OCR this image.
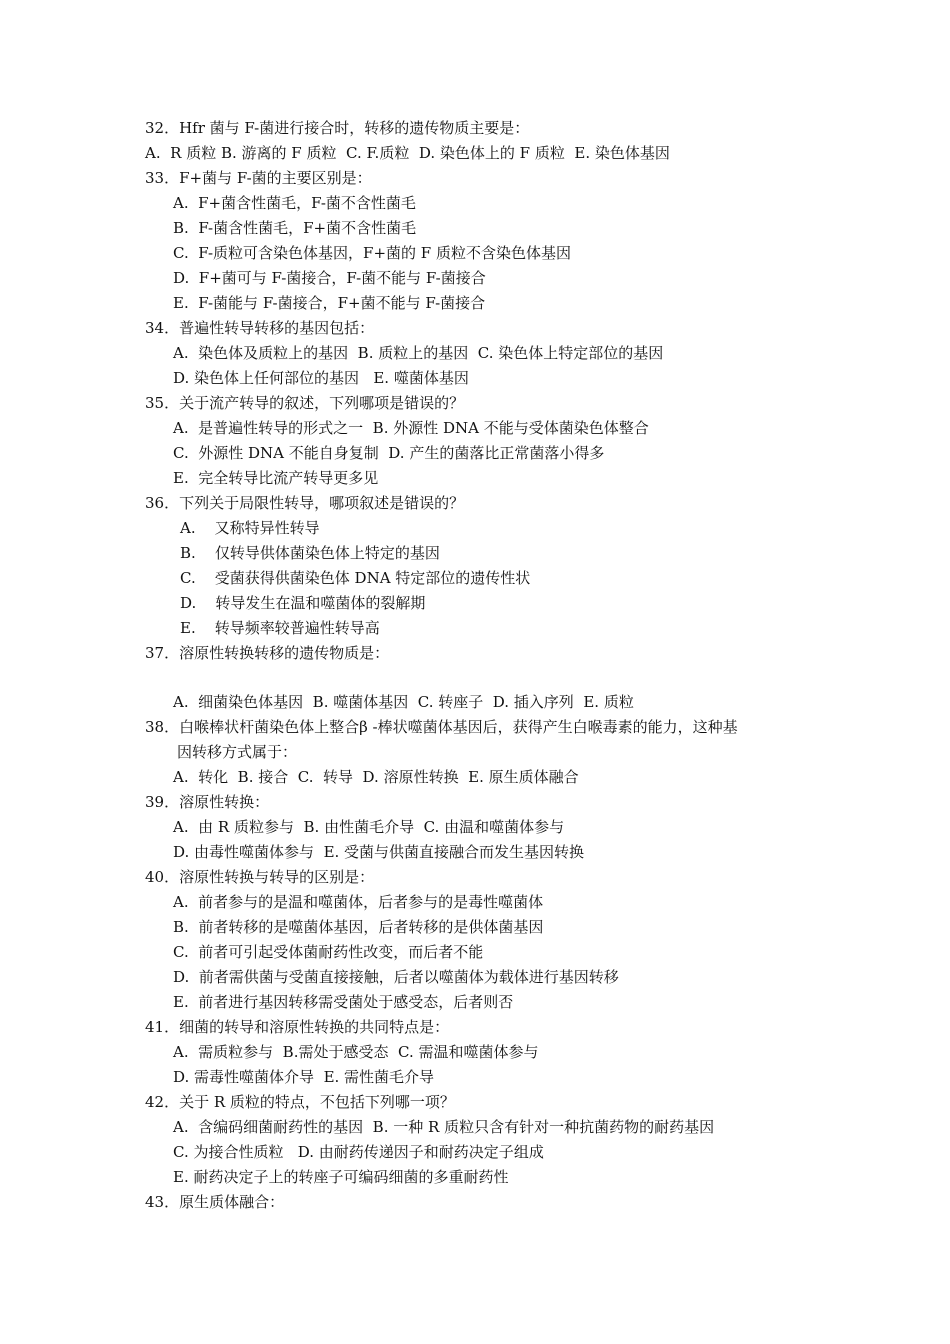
32．Hfr 菌与 F-菌进行接合时，转移的遗传物质主要是：
A.  R 质粒 B. 游离的 F 质粒  C. F.质粒  D. 染色体上的 F 质粒  E. 染色体基因
33．F+菌与 F-菌的主要区别是：
A.  F+菌含性菌毛，F-菌不含性菌毛
B.  F-菌含性菌毛，F+菌不含性菌毛
C.  F-质粒可含染色体基因，F+菌的 F 质粒不含染色体基因
D.  F+菌可与 F-菌接合，F-菌不能与 F-菌接合
E.  F-菌能与 F-菌接合，F+菌不能与 F-菌接合
34．普遍性转导转移的基因包括：
A.  染色体及质粒上的基因  B. 质粒上的基因  C. 染色体上特定部位的基因
D. 染色体上任何部位的基因   E. 噬菌体基因
35．关于流产转导的叙述，下列哪项是错误的？
A.  是普遍性转导的形式之一  B. 外源性 DNA 不能与受体菌染色体整合
C.  外源性 DNA 不能自身复制  D. 产生的菌落比正常菌落小得多
E.  完全转导比流产转导更多见
36．下列关于局限性转导，哪项叙述是错误的？
A.    又称特异性转导
B.    仅转导供体菌染色体上特定的基因
C.    受菌获得供菌染色体 DNA 特定部位的遗传性状
D.    转导发生在温和噬菌体的裂解期
E.    转导频率较普遍性转导高
37．溶原性转换转移的遗传物质是：
A.  细菌染色体基因  B. 噬菌体基因  C. 转座子  D. 插入序列  E. 质粒
38．白喉棒状杆菌染色体上整合β -棒状噬菌体基因后，获得产生白喉毒素的能力，这种基
因转移方式属于：
A.  转化  B. 接合  C.  转导  D. 溶原性转换  E. 原生质体融合
39．溶原性转换：
A.  由 R 质粒参与  B. 由性菌毛介导  C. 由温和噬菌体参与
D. 由毒性噬菌体参与  E. 受菌与供菌直接融合而发生基因转换
40．溶原性转换与转导的区别是：
A.  前者参与的是温和噬菌体，后者参与的是毒性噬菌体
B.  前者转移的是噬菌体基因，后者转移的是供体菌基因
C.  前者可引起受体菌耐药性改变，而后者不能
D.  前者需供菌与受菌直接接触，后者以噬菌体为载体进行基因转移
E.  前者进行基因转移需受菌处于感受态，后者则否
41．细菌的转导和溶原性转换的共同特点是：
A.  需质粒参与  B.需处于感受态  C. 需温和噬菌体参与
D. 需毒性噬菌体介导  E. 需性菌毛介导
42．关于 R 质粒的特点，不包括下列哪一项？
A.  含编码细菌耐药性的基因  B. 一种 R 质粒只含有针对一种抗菌药物的耐药基因
C. 为接合性质粒   D. 由耐药传递因子和耐药决定子组成
E. 耐药决定子上的转座子可编码细菌的多重耐药性
43．原生质体融合：
